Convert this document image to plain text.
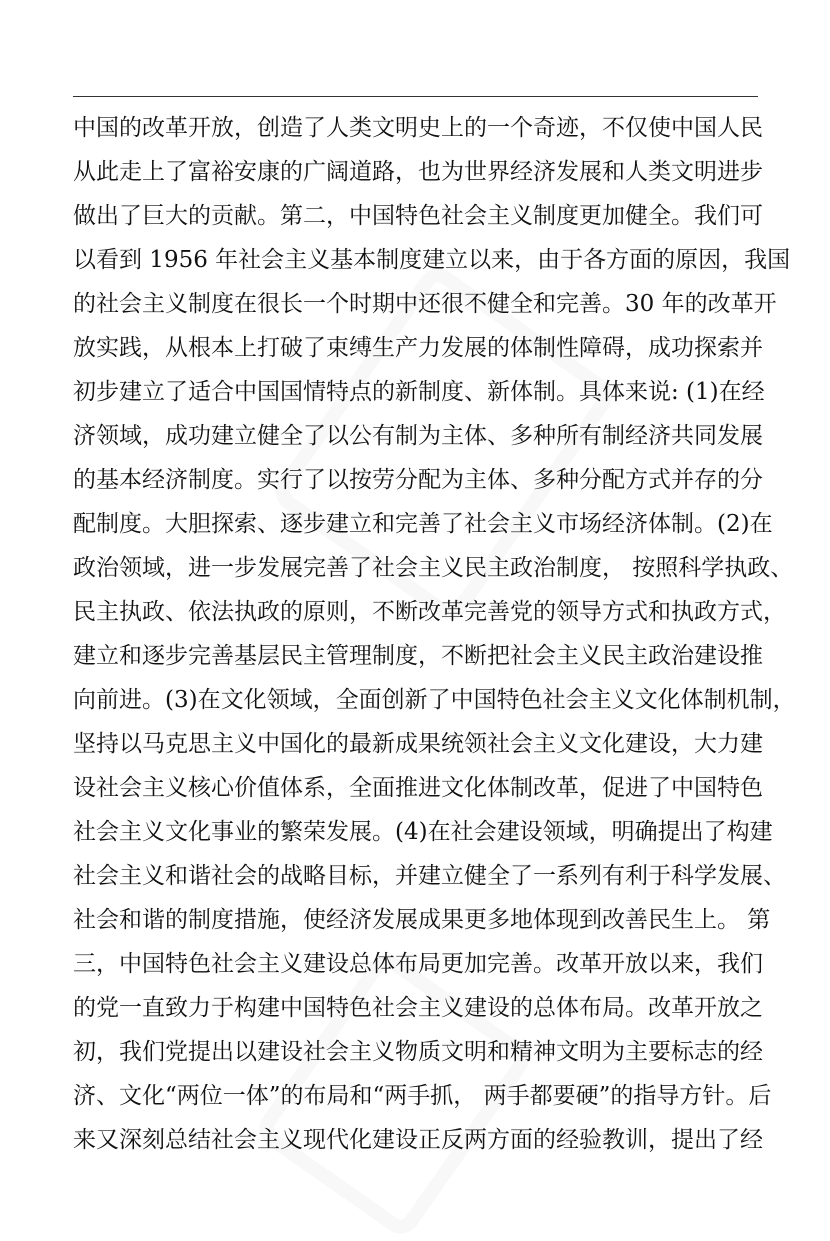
中国的改革开放，创造了人类文明史上的一个奇迹，不仅使中国人民
从此走上了富裕安康的广阔道路，也为世界经济发展和人类文明进步
做出了巨大的贡献。第二，中国特色社会主义制度更加健全。我们可
以看到 1956 年社会主义基本制度建立以来，由于各方面的原因，我国
的社会主义制度在很长一个时期中还很不健全和完善。30 年的改革开
放实践，从根本上打破了束缚生产力发展的体制性障碍，成功探索并
初步建立了适合中国国情特点的新制度、新体制。具体来说: (1)在经
济领域，成功建立健全了以公有制为主体、多种所有制经济共同发展
的基本经济制度。实行了以按劳分配为主体、多种分配方式并存的分
配制度。大胆探索、逐步建立和完善了社会主义市场经济体制。(2)在
政治领域，进一步发展完善了社会主义民主政治制度， 按照科学执政、
民主执政、依法执政的原则，不断改革完善党的领导方式和执政方式，
建立和逐步完善基层民主管理制度，不断把社会主义民主政治建设推
向前进。(3)在文化领域，全面创新了中国特色社会主义文化体制机制，
坚持以马克思主义中国化的最新成果统领社会主义文化建设，大力建
设社会主义核心价值体系，全面推进文化体制改革，促进了中国特色
社会主义文化事业的繁荣发展。(4)在社会建设领域，明确提出了构建
社会主义和谐社会的战略目标，并建立健全了一系列有利于科学发展、
社会和谐的制度措施，使经济发展成果更多地体现到改善民生上。 第
三，中国特色社会主义建设总体布局更加完善。改革开放以来，我们
的党一直致力于构建中国特色社会主义建设的总体布局。改革开放之
初，我们党提出以建设社会主义物质文明和精神文明为主要标志的经
济、文化“两位一体”的布局和“两手抓， 两手都要硬”的指导方针。后
来又深刻总结社会主义现代化建设正反两方面的经验教训，提出了经
